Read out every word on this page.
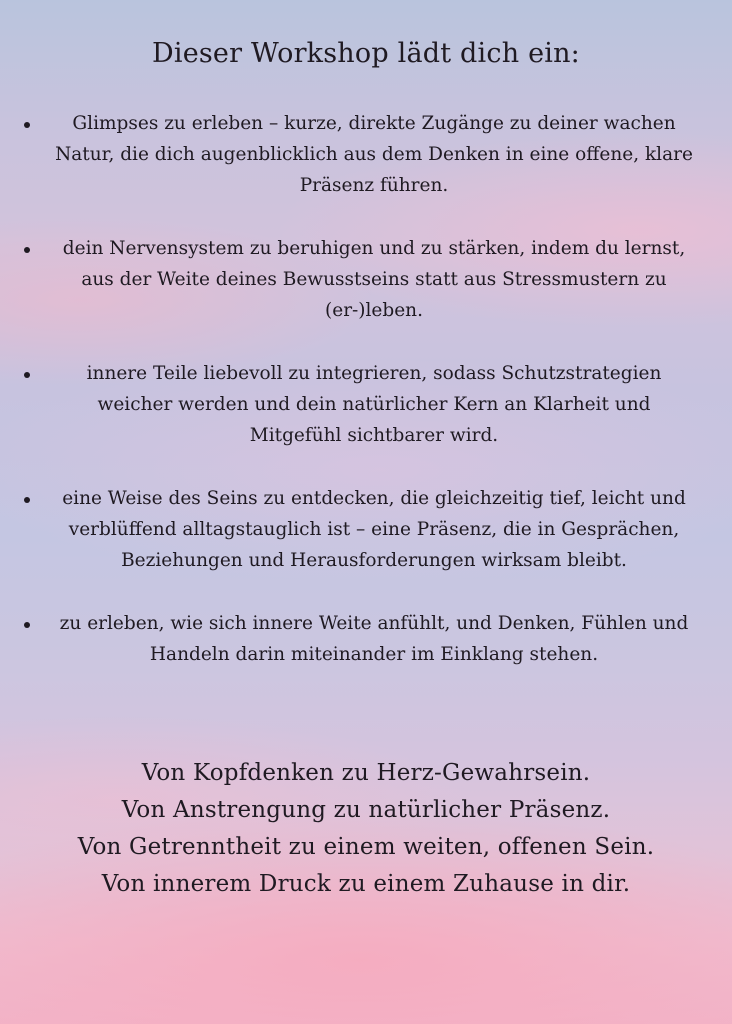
Dieser Workshop lädt dich ein:
Glimpses zu erleben – kurze, direkte Zugänge zu deiner wachen Natur, die dich augenblicklich aus dem Denken in eine offene, klare Präsenz führen.
dein Nervensystem zu beruhigen und zu stärken, indem du lernst, aus der Weite deines Bewusstseins statt aus Stressmustern zu (er-)leben.
innere Teile liebevoll zu integrieren, sodass Schutzstrategien weicher werden und dein natürlicher Kern an Klarheit und Mitgefühl sichtbarer wird.
eine Weise des Seins zu entdecken, die gleichzeitig tief, leicht und verblüffend alltagstauglich ist – eine Präsenz, die in Gesprächen, Beziehungen und Herausforderungen wirksam bleibt.
zu erleben, wie sich innere Weite anfühlt, und Denken, Fühlen und Handeln darin miteinander im Einklang stehen.
Von Kopfdenken zu Herz-Gewahrsein.
Von Anstrengung zu natürlicher Präsenz.
Von Getrenntheit zu einem weiten, offenen Sein.
Von innerem Druck zu einem Zuhause in dir.
